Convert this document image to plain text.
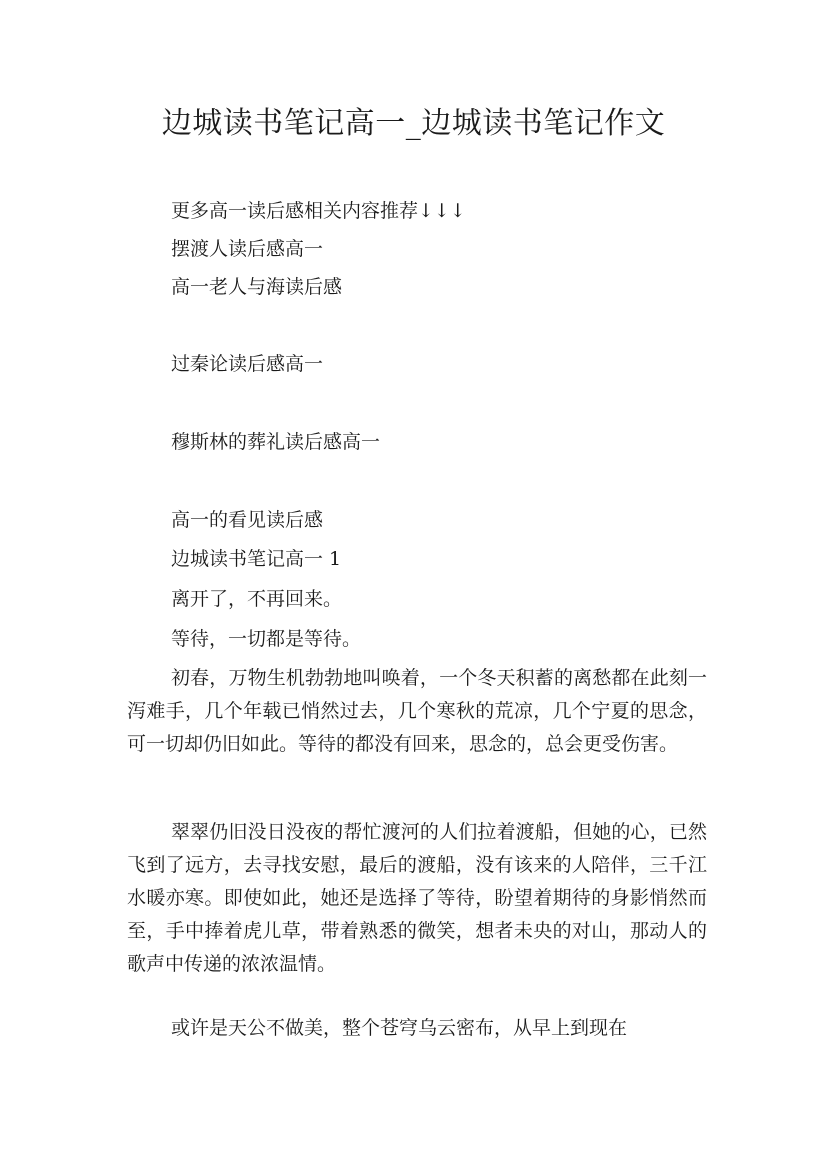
边城读书笔记高一_边城读书笔记作文
更多高一读后感相关内容推荐↓↓↓
摆渡人读后感高一
高一老人与海读后感
过秦论读后感高一
穆斯林的葬礼读后感高一
高一的看见读后感
边城读书笔记高一 1
离开了，不再回来。
等待，一切都是等待。

初春，万物生机勃勃地叫唤着，一个冬天积蓄的离愁都在此刻一泻难手，几个年载已悄然过去，几个寒秋的荒凉，几个宁夏的思念，可一切却仍旧如此。等待的都没有回来，思念的，总会更受伤害。

翠翠仍旧没日没夜的帮忙渡河的人们拉着渡船，但她的心，已然飞到了远方，去寻找安慰，最后的渡船，没有该来的人陪伴，三千江水暖亦寒。即使如此，她还是选择了等待，盼望着期待的身影悄然而至，手中捧着虎儿草，带着熟悉的微笑，想者未央的对山，那动人的歌声中传递的浓浓温情。

或许是天公不做美，整个苍穹乌云密布，从早上到现在
